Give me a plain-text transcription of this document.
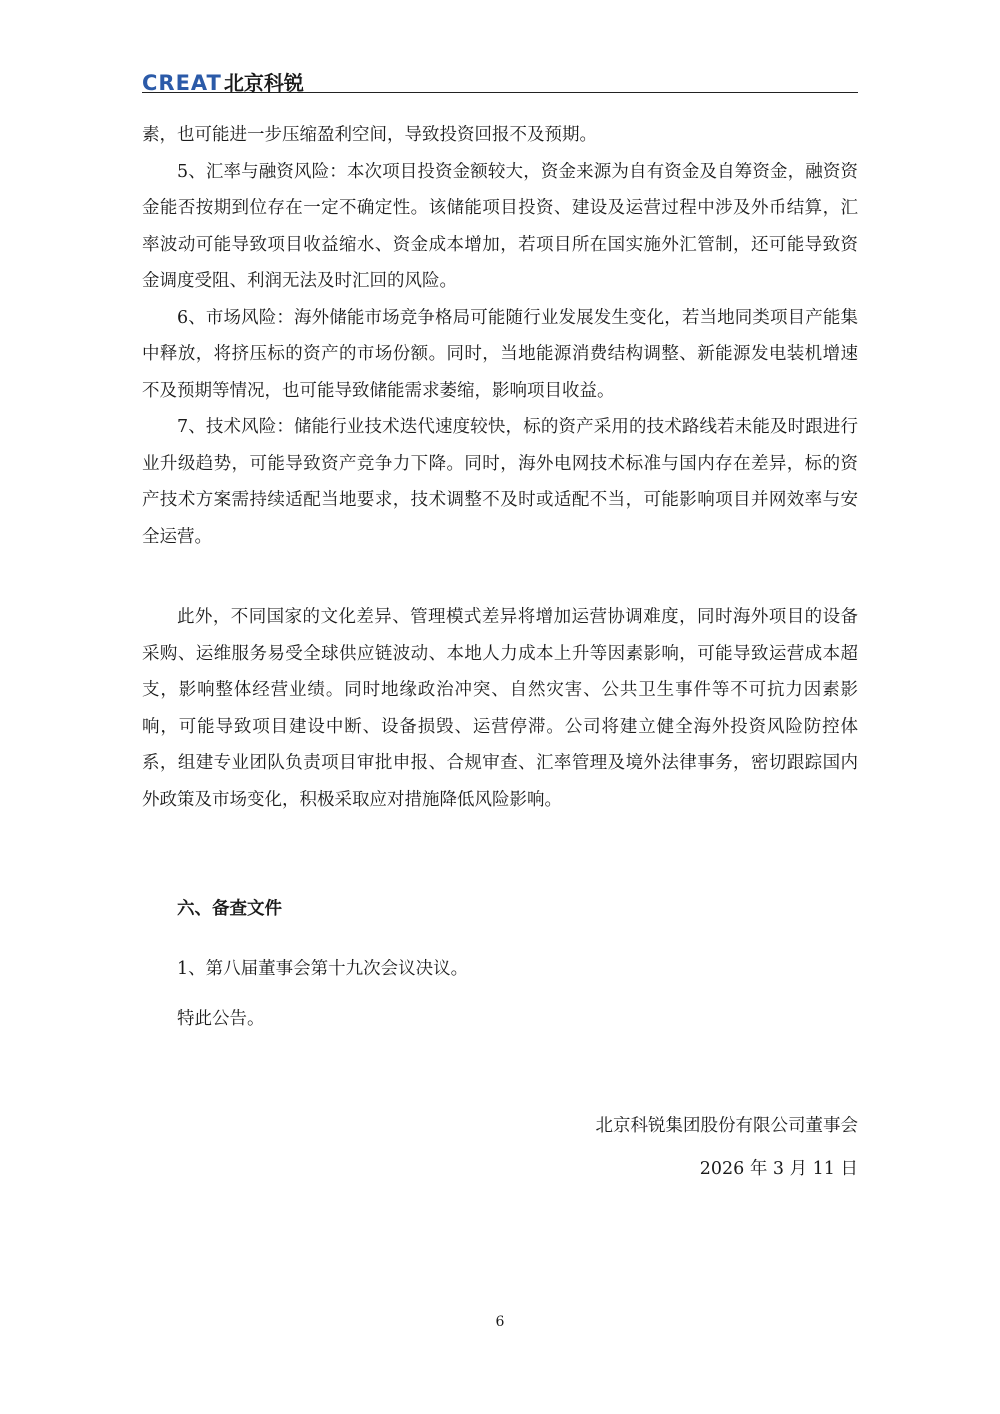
CREAT 北京科锐

素，也可能进一步压缩盈利空间，导致投资回报不及预期。

5、汇率与融资风险：本次项目投资金额较大，资金来源为自有资金及自筹资金，融资资金能否按期到位存在一定不确定性。该储能项目投资、建设及运营过程中涉及外币结算，汇率波动可能导致项目收益缩水、资金成本增加，若项目所在国实施外汇管制，还可能导致资金调度受阻、利润无法及时汇回的风险。

6、市场风险：海外储能市场竞争格局可能随行业发展发生变化，若当地同类项目产能集中释放，将挤压标的资产的市场份额。同时，当地能源消费结构调整、新能源发电装机增速不及预期等情况，也可能导致储能需求萎缩，影响项目收益。

7、技术风险：储能行业技术迭代速度较快，标的资产采用的技术路线若未能及时跟进行业升级趋势，可能导致资产竞争力下降。同时，海外电网技术标准与国内存在差异，标的资产技术方案需持续适配当地要求，技术调整不及时或适配不当，可能影响项目并网效率与安全运营。

此外，不同国家的文化差异、管理模式差异将增加运营协调难度，同时海外项目的设备采购、运维服务易受全球供应链波动、本地人力成本上升等因素影响，可能导致运营成本超支，影响整体经营业绩。同时地缘政治冲突、自然灾害、公共卫生事件等不可抗力因素影响，可能导致项目建设中断、设备损毁、运营停滞。公司将建立健全海外投资风险防控体系，组建专业团队负责项目审批申报、合规审查、汇率管理及境外法律事务，密切跟踪国内外政策及市场变化，积极采取应对措施降低风险影响。

六、备查文件
1、第八届董事会第十九次会议决议。
特此公告。
北京科锐集团股份有限公司董事会
2026 年 3 月 11 日
6
